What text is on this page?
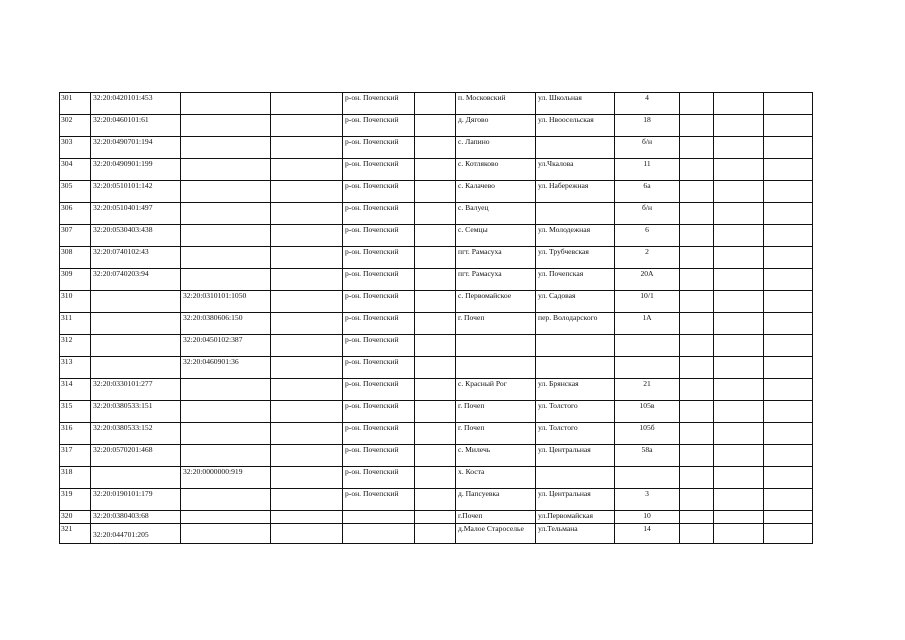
301	32:20:0420101:453			р-он. Почепский		п. Московский	ул. Школьная	4			
302	32:20:0460101:61			р-он. Почепский		д. Дягово	ул. Нвоосельская	18			
303	32:20:0490701:194			р-он. Почепский		с. Лапино		б/н			
304	32:20:0490901:199			р-он. Почепский		с. Котляково	ул.Чкалова	11			
305	32:20:0510101:142			р-он. Почепский		с. Калачево	ул. Набережная	6а			
306	32:20:0510401:497			р-он. Почепский		с. Валуец		б/н			
307	32:20:0530403:438			р-он. Почепский		с. Семцы	ул. Молодежная	6			
308	32:20:0740102:43			р-он. Почепский		пгт. Рамасуха	ул. Трубчевская	2			
309	32:20:0740203:94			р-он. Почепский		пгт. Рамасуха	ул. Почепская	20А			
310		32:20:0310101:1050		р-он. Почепский		с. Первомайское	ул. Садовая	10/1			
311		32:20:0380606:150		р-он. Почепский		г. Почеп	пер. Володарского	1А			
312		32:20:0450102:387		р-он. Почепский							
313		32:20:0460901:36		р-он. Почепский							
314	32:20:0330101:277			р-он. Почепский		с. Красный Рог	ул. Брянская	21			
315	32:20:0380533:151			р-он. Почепский		г. Почеп	ул. Толстого	105в			
316	32:20:0380533:152			р-он. Почепский		г. Почеп	ул. Толстого	105б			
317	32:20:0570201:468			р-он. Почепский		с. Милечь	ул. Центральная	58а			
318		32:20:0000000:919		р-он. Почепский		х. Коста					
319	32:20:0190101:179			р-он. Почепский		д. Папсуевка	ул. Центральная	3			
320	32:20:0380403:68					г.Почеп	ул.Первомайская	10			
321	32:20:044701:205					д.Малое Староселье	ул.Тельмана	14			
